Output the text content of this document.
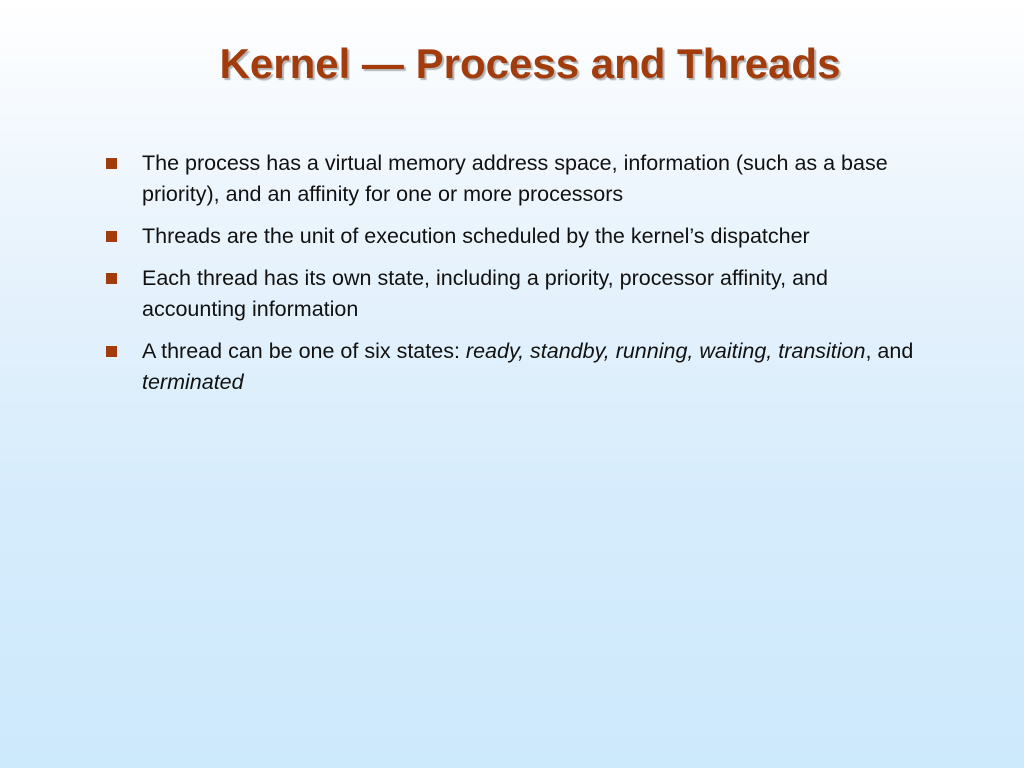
Kernel — Process and Threads
The process has a virtual memory address space, information (such as a base priority), and an affinity for one or more processors
Threads are the unit of execution scheduled by the kernel’s dispatcher
Each thread has its own state, including a priority, processor affinity, and accounting information
A thread can be one of six states: ready, standby, running, waiting, transition, and terminated
